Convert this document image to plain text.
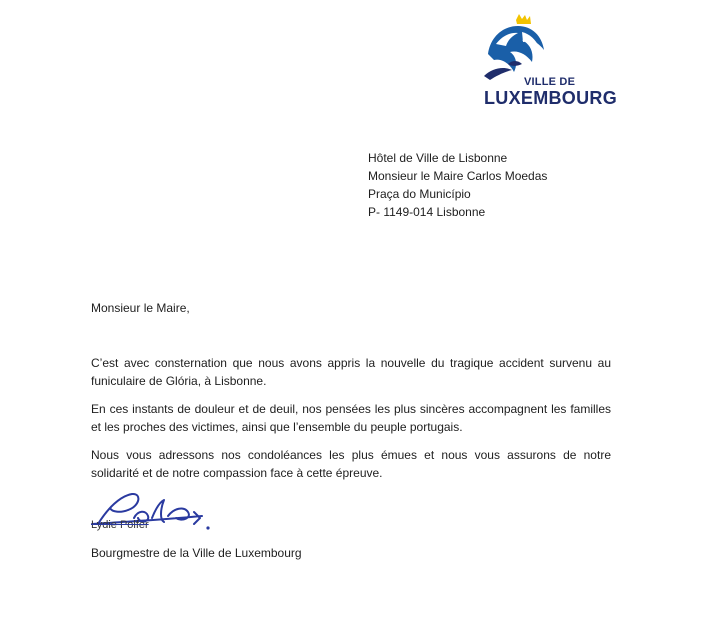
VILLE DE
LUXEMBOURG
Hôtel de Ville de Lisbonne
Monsieur le Maire Carlos Moedas
Praça do Município
P- 1149-014 Lisbonne
Monsieur le Maire,

C’est avec consternation que nous avons appris la nouvelle du tragique accident survenu au funiculaire de Glória, à Lisbonne.

En ces instants de douleur et de deuil, nos pensées les plus sincères accompagnent les familles et les proches des victimes, ainsi que l’ensemble du peuple portugais.

Nous vous adressons nos condoléances les plus émues et nous vous assurons de notre solidarité et de notre compassion face à cette épreuve.

Lydie Polfer
Bourgmestre de la Ville de Luxembourg
